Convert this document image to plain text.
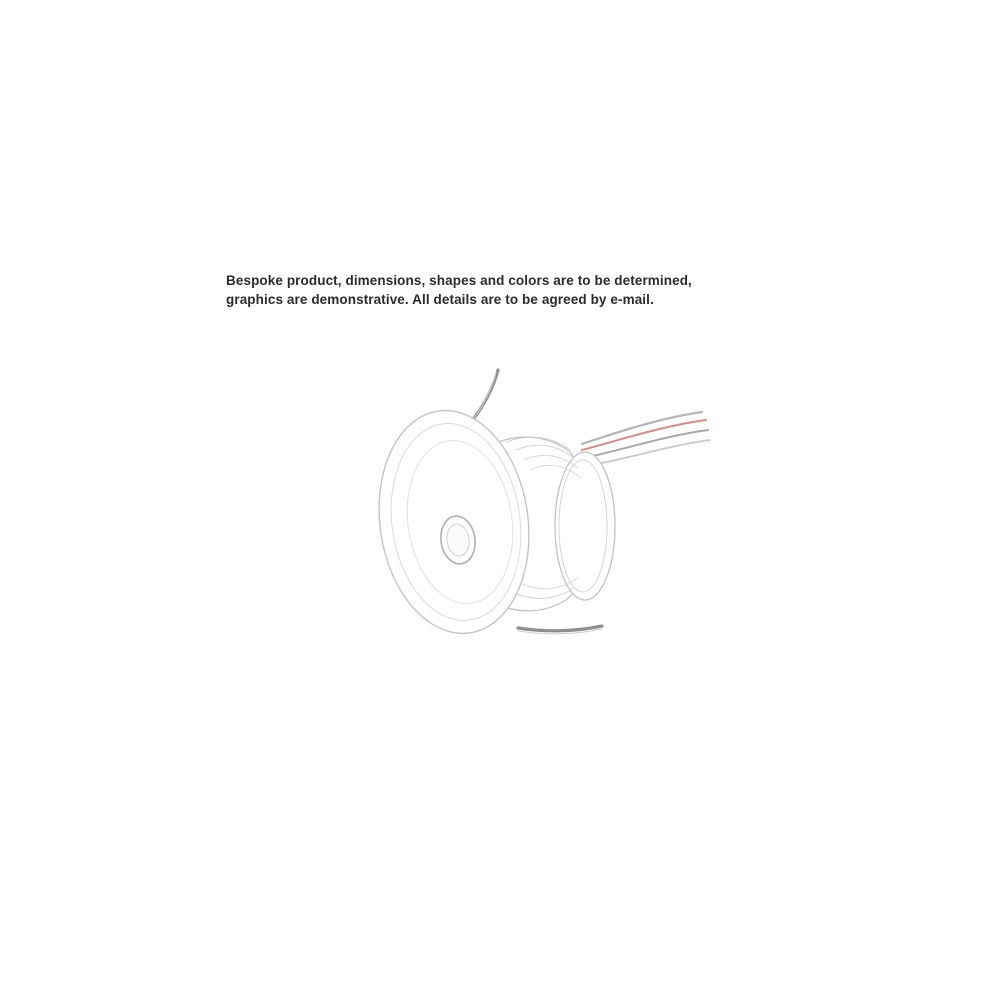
Bespoke product, dimensions, shapes and colors are to be determined,
graphics are demonstrative. All details are to be agreed by e-mail.
